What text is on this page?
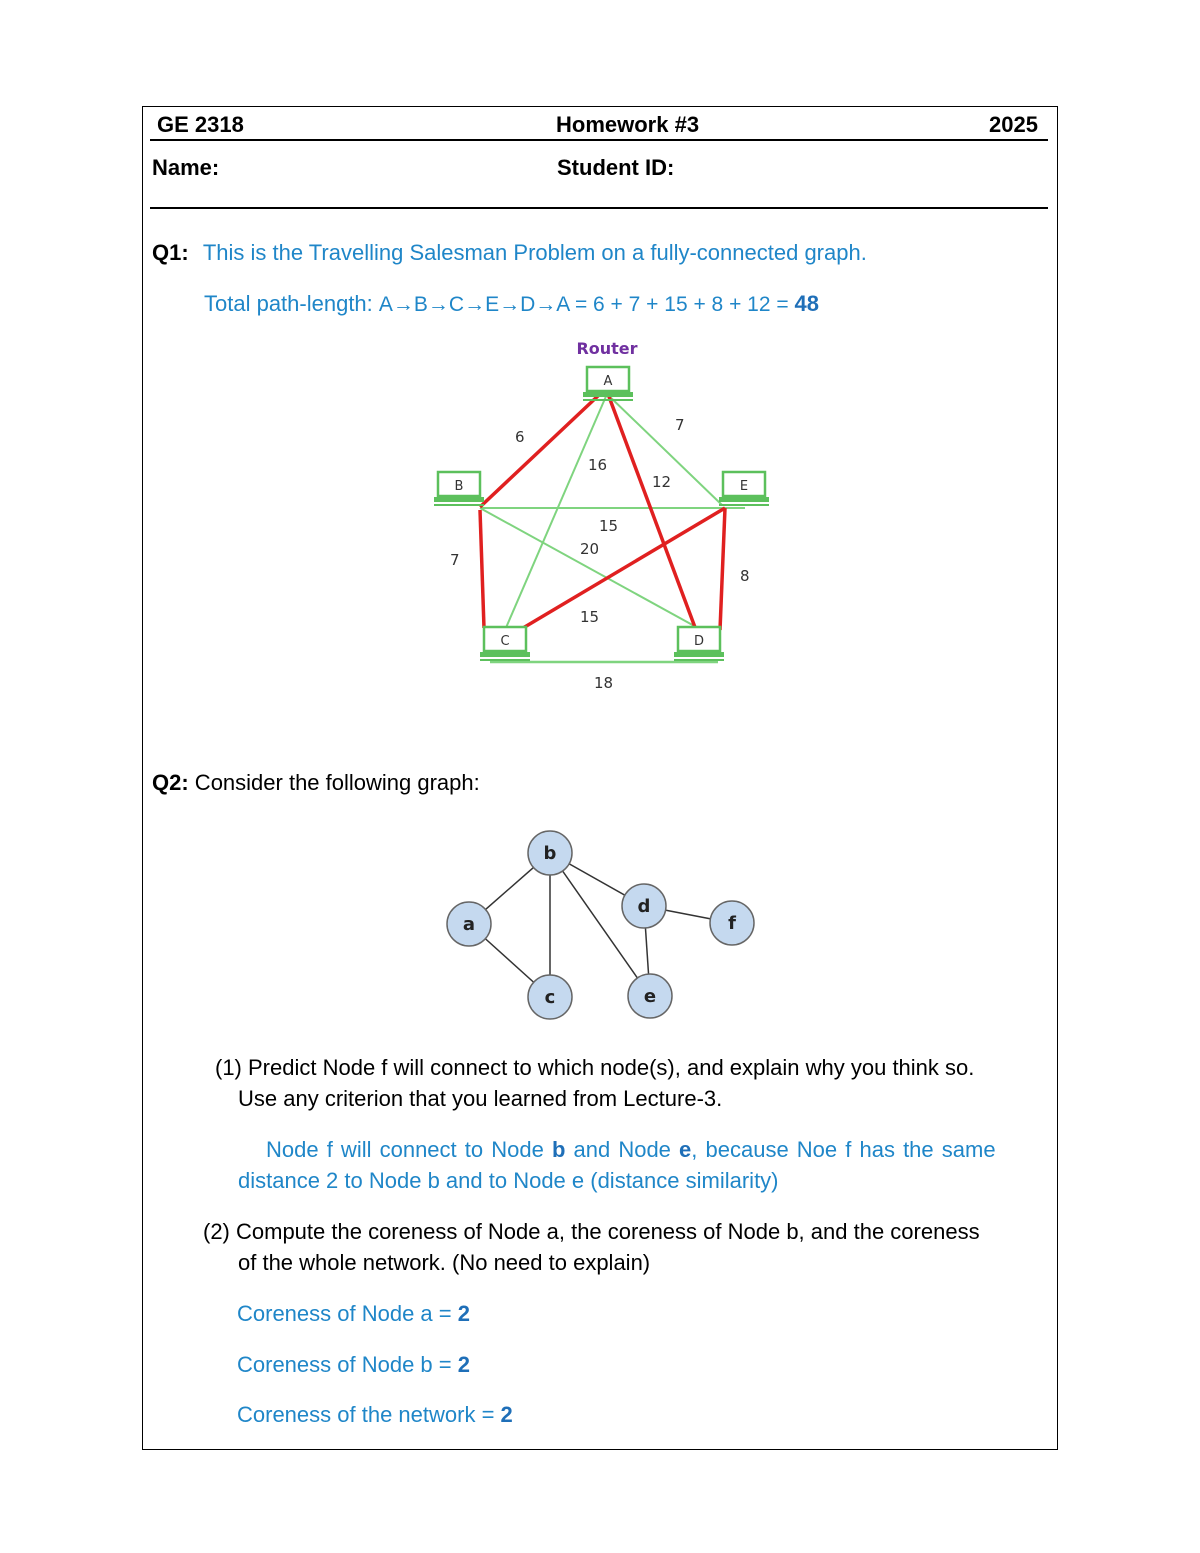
GE 2318	Homework #3	2025
Name:	Student ID:
Q1: This is the Travelling Salesman Problem on a fully-connected graph.
Total path-length: A→B→C→E→D→A = 6 + 7 + 15 + 8 + 12 = 48
Router
6
7
16
12
15
20
7
8
15
18
A
B	E
C	D
Q2: Consider the following graph:
a
b
c
d
e
f
(1) Predict Node f will connect to which node(s), and explain why you think so.
Use any criterion that you learned from Lecture-3.
Node f will connect to Node b and Node e, because Noe f has the same
distance 2 to Node b and to Node e (distance similarity)
(2) Compute the coreness of Node a, the coreness of Node b, and the coreness
of the whole network. (No need to explain)
Coreness of Node a = 2
Coreness of Node b = 2
Coreness of the network = 2
